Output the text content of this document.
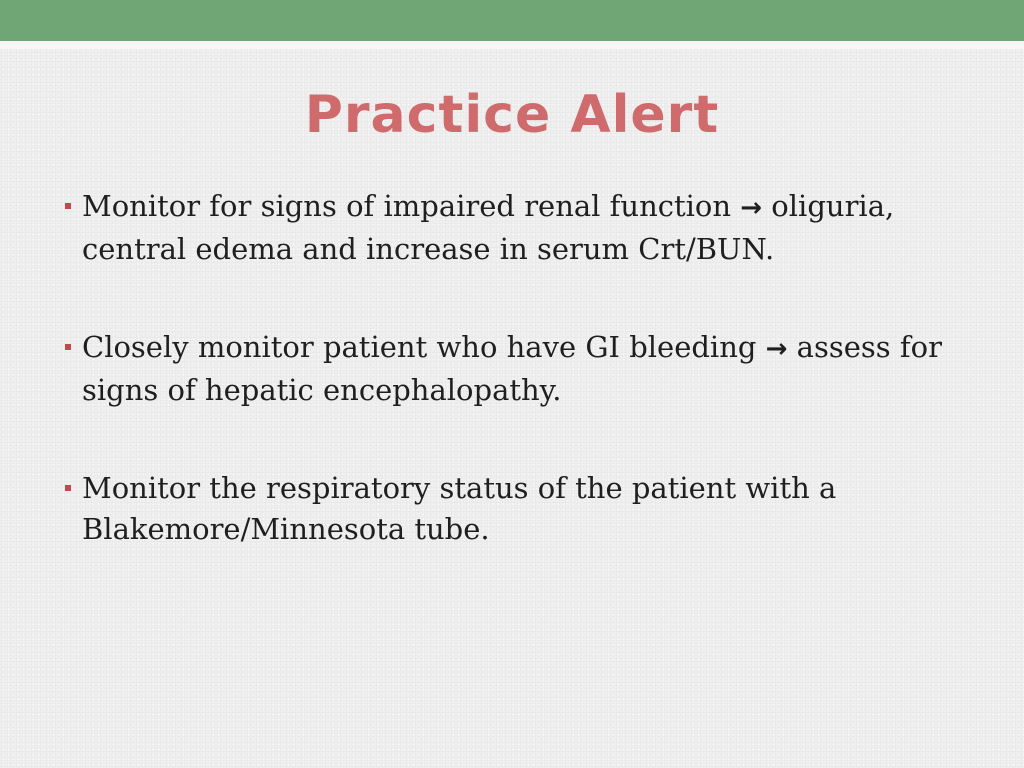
Practice Alert
Monitor for signs of impaired renal function → oliguria, central edema and increase in serum Crt/BUN.
Closely monitor patient who have GI bleeding → assess for signs of hepatic encephalopathy.
Monitor the respiratory status of the patient with a Blakemore/Minnesota tube.
